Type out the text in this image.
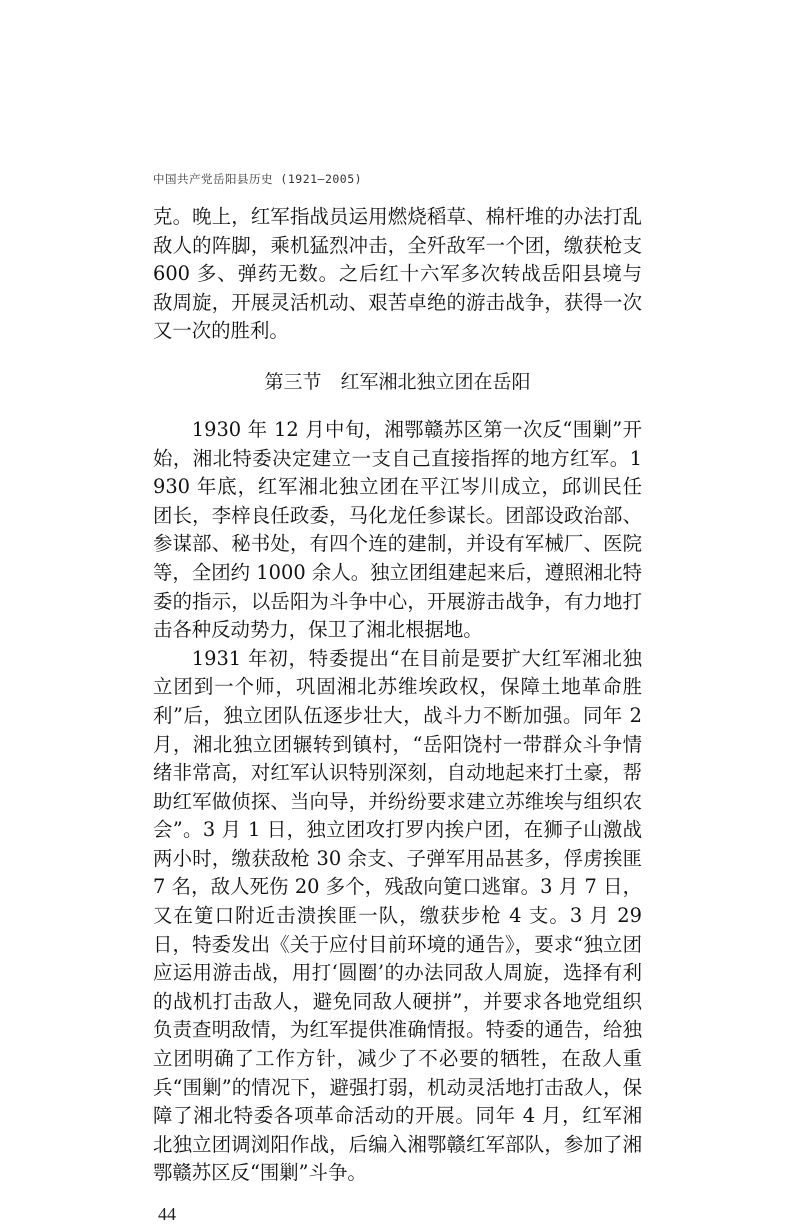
中国共产党岳阳县历史 (1921—2005)

克。晚上，红军指战员运用燃烧稻草、棉杆堆的办法打乱敌人的阵脚，乘机猛烈冲击，全歼敌军一个团，缴获枪支 600 多、弹药无数。之后红十六军多次转战岳阳县境与敌周旋，开展灵活机动、艰苦卓绝的游击战争，获得一次又一次的胜利。

第三节　红军湘北独立团在岳阳

1930 年 12 月中旬，湘鄂赣苏区第一次反“围剿”开始，湘北特委决定建立一支自己直接指挥的地方红军。1930 年底，红军湘北独立团在平江岑川成立，邱训民任团长，李梓良任政委，马化龙任参谋长。团部设政治部、参谋部、秘书处，有四个连的建制，并设有军械厂、医院等，全团约 1000 余人。独立团组建起来后，遵照湘北特委的指示，以岳阳为斗争中心，开展游击战争，有力地打击各种反动势力，保卫了湘北根据地。

1931 年初，特委提出“在目前是要扩大红军湘北独立团到一个师，巩固湘北苏维埃政权，保障土地革命胜利”后，独立团队伍逐步壮大，战斗力不断加强。同年 2 月，湘北独立团辗转到镇村，“岳阳饶村一带群众斗争情绪非常高，对红军认识特别深刻，自动地起来打土豪，帮助红军做侦探、当向导，并纷纷要求建立苏维埃与组织农会”。3 月 1 日，独立团攻打罗内挨户团，在狮子山激战两小时，缴获敌枪 30 余支、子弹军用品甚多，俘虏挨匪 7 名，敌人死伤 20 多个，残敌向筻口逃窜。3 月 7 日，又在筻口附近击溃挨匪一队，缴获步枪 4 支。3 月 29 日，特委发出《关于应付目前环境的通告》，要求“独立团应运用游击战，用打‘圆圈’的办法同敌人周旋，选择有利的战机打击敌人，避免同敌人硬拼”，并要求各地党组织负责查明敌情，为红军提供准确情报。特委的通告，给独立团明确了工作方针，减少了不必要的牺牲，在敌人重兵“围剿”的情况下，避强打弱，机动灵活地打击敌人，保障了湘北特委各项革命活动的开展。同年 4 月，红军湘北独立团调浏阳作战，后编入湘鄂赣红军部队，参加了湘鄂赣苏区反“围剿”斗争。

44
